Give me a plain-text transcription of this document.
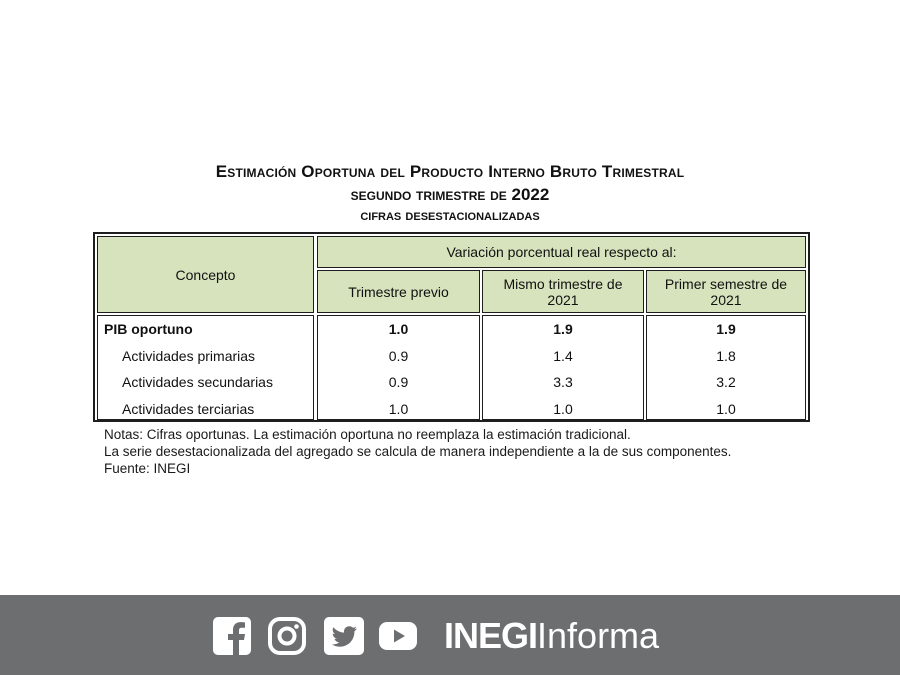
Estimación Oportuna del Producto Interno Bruto Trimestral
segundo trimestre de 2022
cifras desestacionalizadas
Concepto
Variación porcentual real respecto al:
Trimestre previo	Mismo trimestre de 2021
Primer semestre de 2021
PIB oportuno
Actividades primarias
Actividades secundarias
Actividades terciarias
1.0
0.9
0.9
1.0
1.9
1.4
3.3
1.0
1.9
1.8
3.2
1.0
Notas: Cifras oportunas. La estimación oportuna no reemplaza la estimación tradicional.
La serie desestacionalizada del agregado se calcula de manera independiente a la de sus componentes.
Fuente: INEGI
INEGI Informa
